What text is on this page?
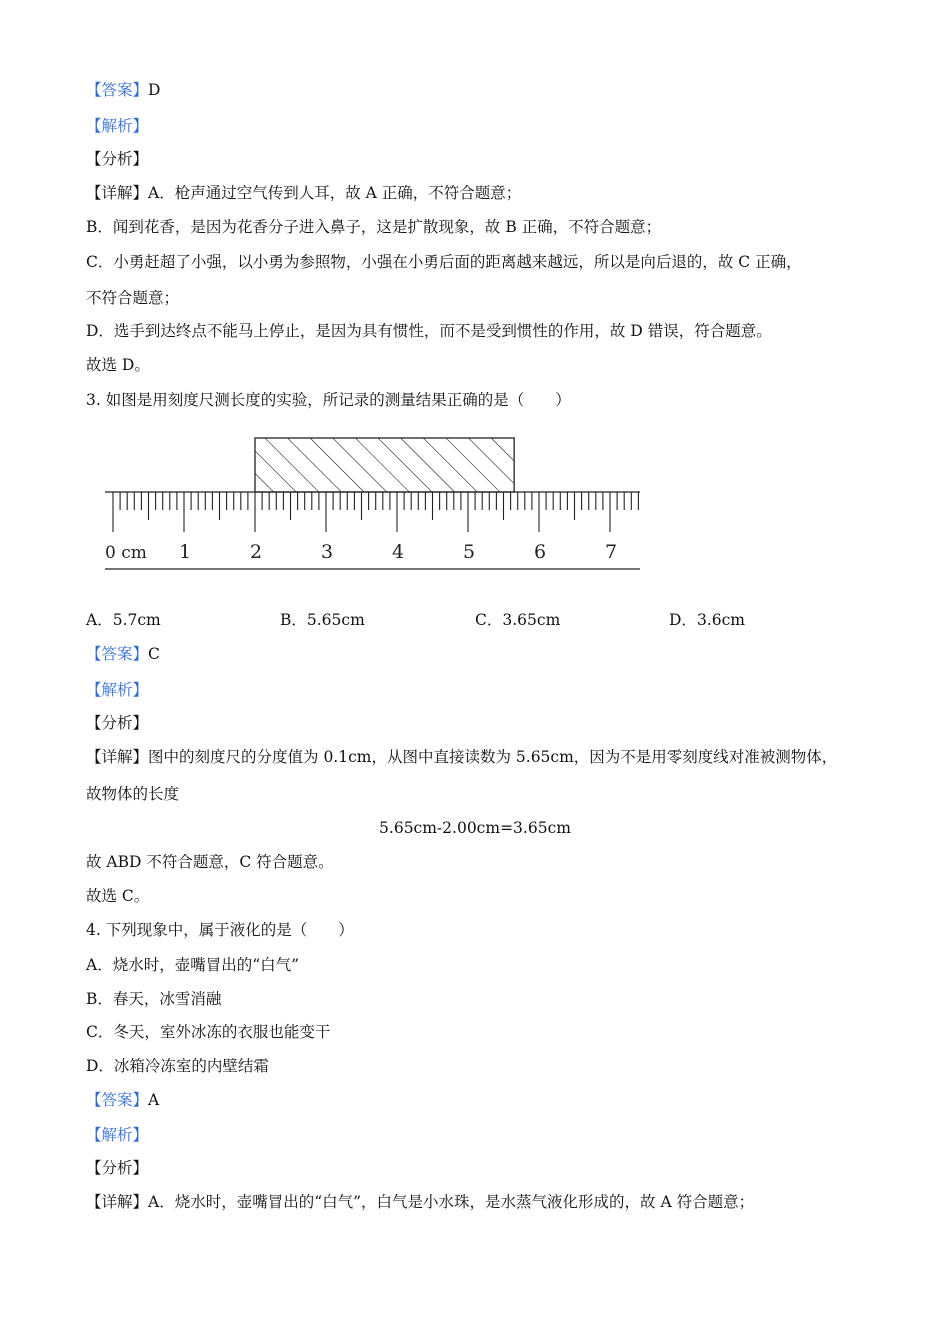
【答案】D
【解析】
【分析】
【详解】A．枪声通过空气传到人耳，故 A 正确，不符合题意；
B．闻到花香，是因为花香分子进入鼻子，这是扩散现象，故 B 正确，不符合题意；
C．小勇赶超了小强，以小勇为参照物，小强在小勇后面的距离越来越远，所以是向后退的，故 C 正确，
不符合题意；
D．选手到达终点不能马上停止，是因为具有惯性，而不是受到惯性的作用，故 D 错误，符合题意。
故选 D。
3. 如图是用刻度尺测长度的实验，所记录的测量结果正确的是（　　）
0 cm 1	2	3	4	5	6	7
A．5.7cm	B．5.65cm	C．3.65cm	D．3.6cm
【答案】C
【解析】
【分析】
【详解】图中的刻度尺的分度值为 0.1cm，从图中直接读数为 5.65cm，因为不是用零刻度线对准被测物体，
故物体的长度
5.65cm-2.00cm=3.65cm
故 ABD 不符合题意，C 符合题意。
故选 C。
4. 下列现象中，属于液化的是（　　）
A．烧水时，壶嘴冒出的“白气”
B．春天，冰雪消融
C．冬天，室外冰冻的衣服也能变干
D．冰箱冷冻室的内壁结霜
【答案】A
【解析】
【分析】
【详解】A．烧水时，壶嘴冒出的“白气”，白气是小水珠，是水蒸气液化形成的，故 A 符合题意；
